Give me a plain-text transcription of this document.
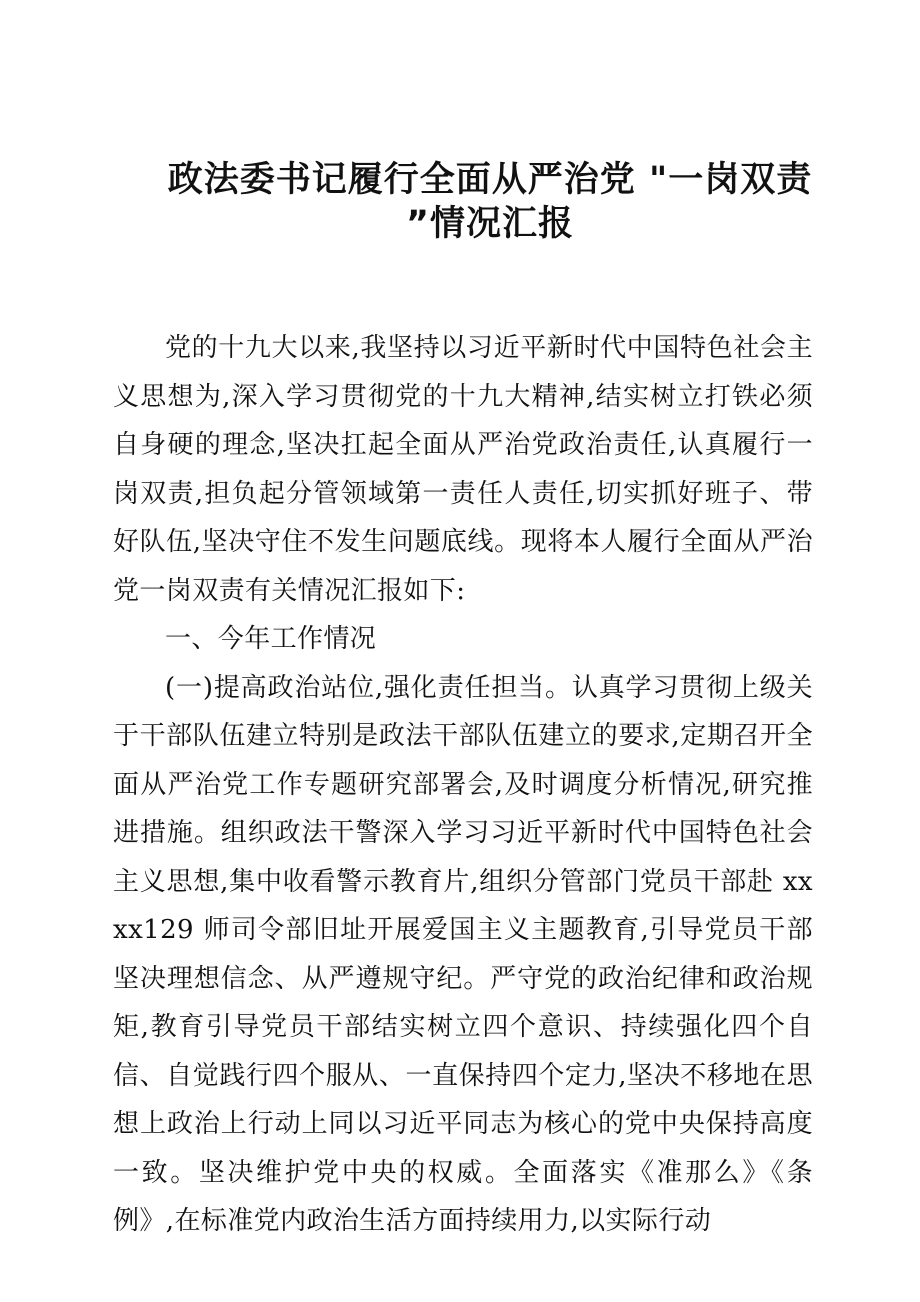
政法委书记履行全面从严治党 "一岗双责
”情况汇报

党的十九大以来,我坚持以习近平新时代中国特色社会主义思想为,深入学习贯彻党的十九大精神,结实树立打铁必须自身硬的理念,坚决扛起全面从严治党政治责任,认真履行一岗双责,担负起分管领域第一责任人责任,切实抓好班子、带好队伍,坚决守住不发生问题底线。现将本人履行全面从严治党一岗双责有关情况汇报如下:

一、今年工作情况

(一)提高政治站位,强化责任担当。认真学习贯彻上级关于干部队伍建立特别是政法干部队伍建立的要求,定期召开全面从严治党工作专题研究部署会,及时调度分析情况,研究推进措施。组织政法干警深入学习习近平新时代中国特色社会主义思想,集中收看警示教育片,组织分管部门党员干部赴 xxxx129 师司令部旧址开展爱国主义主题教育,引导党员干部坚决理想信念、从严遵规守纪。严守党的政治纪律和政治规矩,教育引导党员干部结实树立四个意识、持续强化四个自信、自觉践行四个服从、一直保持四个定力,坚决不移地在思想上政治上行动上同以习近平同志为核心的党中央保持高度一致。坚决维护党中央的权威。全面落实《准那么》《条例》,在标准党内政治生活方面持续用力,以实际行动
